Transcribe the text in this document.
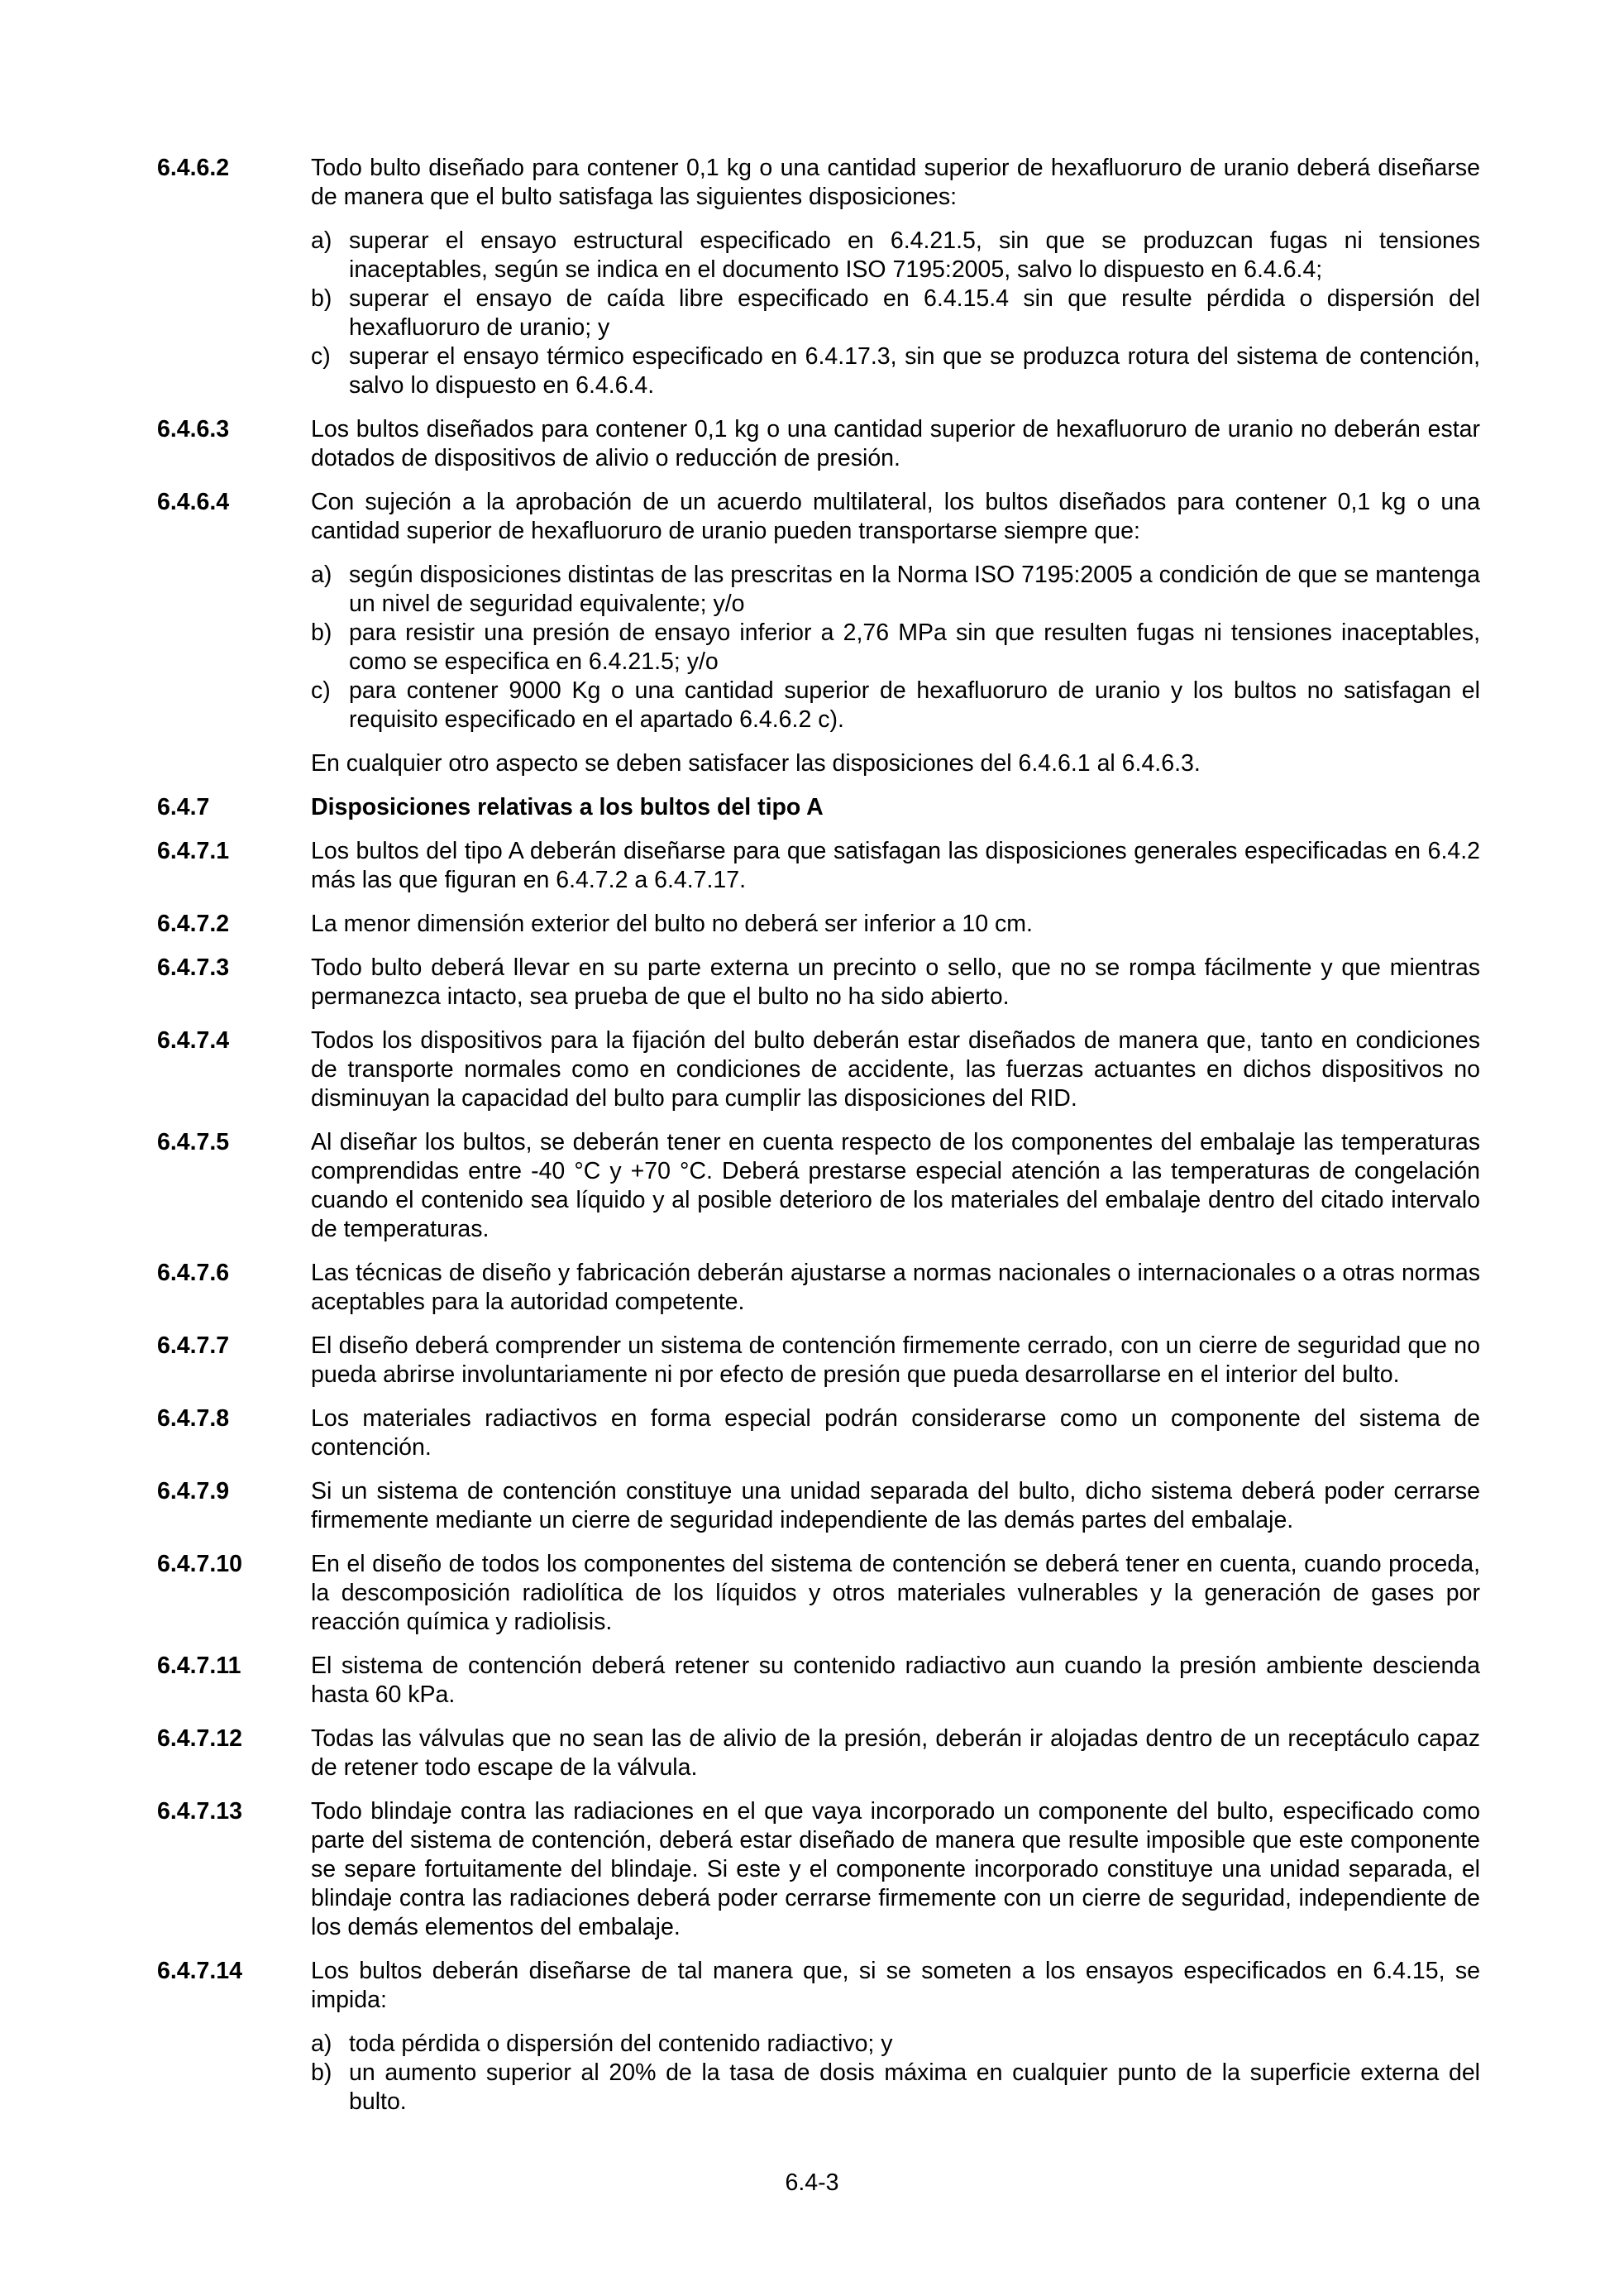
6.4.6.2	Todo bulto diseñado para contener 0,1 kg o una cantidad superior de hexafluoruro de uranio deberá diseñarse de manera que el bulto satisfaga las siguientes disposiciones:

a) superar el ensayo estructural especificado en 6.4.21.5, sin que se produzcan fugas ni tensiones inaceptables, según se indica en el documento ISO 7195:2005, salvo lo dispuesto en 6.4.6.4;
b) superar el ensayo de caída libre especificado en 6.4.15.4 sin que resulte pérdida o dispersión del hexafluoruro de uranio; y
c) superar el ensayo térmico especificado en 6.4.17.3, sin que se produzca rotura del sistema de contención, salvo lo dispuesto en 6.4.6.4.
6.4.6.3	Los bultos diseñados para contener 0,1 kg o una cantidad superior de hexafluoruro de uranio no deberán estar dotados de dispositivos de alivio o reducción de presión.

6.4.6.4	Con sujeción a la aprobación de un acuerdo multilateral, los bultos diseñados para contener 0,1 kg o una cantidad superior de hexafluoruro de uranio pueden transportarse siempre que:

a) según disposiciones distintas de las prescritas en la Norma ISO 7195:2005 a condición de que se mantenga un nivel de seguridad equivalente; y/o
b) para resistir una presión de ensayo inferior a 2,76 MPa sin que resulten fugas ni tensiones inaceptables, como se especifica en 6.4.21.5; y/o
c) para contener 9000 Kg o una cantidad superior de hexafluoruro de uranio y los bultos no satisfagan el requisito especificado en el apartado 6.4.6.2 c).

En cualquier otro aspecto se deben satisfacer las disposiciones del 6.4.6.1 al 6.4.6.3.

6.4.7	Disposiciones relativas a los bultos del tipo A

6.4.7.1	Los bultos del tipo A deberán diseñarse para que satisfagan las disposiciones generales especificadas en 6.4.2 más las que figuran en 6.4.7.2 a 6.4.7.17.

6.4.7.2	La menor dimensión exterior del bulto no deberá ser inferior a 10 cm.

6.4.7.3	Todo bulto deberá llevar en su parte externa un precinto o sello, que no se rompa fácilmente y que mientras permanezca intacto, sea prueba de que el bulto no ha sido abierto.

6.4.7.4	Todos los dispositivos para la fijación del bulto deberán estar diseñados de manera que, tanto en condiciones de transporte normales como en condiciones de accidente, las fuerzas actuantes en dichos dispositivos no disminuyan la capacidad del bulto para cumplir las disposiciones del RID.

6.4.7.5	Al diseñar los bultos, se deberán tener en cuenta respecto de los componentes del embalaje las temperaturas comprendidas entre -40 °C y +70 °C. Deberá prestarse especial atención a las temperaturas de congelación cuando el contenido sea líquido y al posible deterioro de los materiales del embalaje dentro del citado intervalo de temperaturas.

6.4.7.6	Las técnicas de diseño y fabricación deberán ajustarse a normas nacionales o internacionales o a otras normas aceptables para la autoridad competente.

6.4.7.7	El diseño deberá comprender un sistema de contención firmemente cerrado, con un cierre de seguridad que no pueda abrirse involuntariamente ni por efecto de presión que pueda desarrollarse en el interior del bulto.

6.4.7.8	Los materiales radiactivos en forma especial podrán considerarse como un componente del sistema de contención.

6.4.7.9	Si un sistema de contención constituye una unidad separada del bulto, dicho sistema deberá poder cerrarse firmemente mediante un cierre de seguridad independiente de las demás partes del embalaje.

6.4.7.10	En el diseño de todos los componentes del sistema de contención se deberá tener en cuenta, cuando proceda, la descomposición radiolítica de los líquidos y otros materiales vulnerables y la generación de gases por reacción química y radiolisis.

6.4.7.11	El sistema de contención deberá retener su contenido radiactivo aun cuando la presión ambiente descienda hasta 60 kPa.

6.4.7.12	Todas las válvulas que no sean las de alivio de la presión, deberán ir alojadas dentro de un receptáculo capaz de retener todo escape de la válvula.

6.4.7.13	Todo blindaje contra las radiaciones en el que vaya incorporado un componente del bulto, especificado como parte del sistema de contención, deberá estar diseñado de manera que resulte imposible que este componente se separe fortuitamente del blindaje. Si este y el componente incorporado constituye una unidad separada, el blindaje contra las radiaciones deberá poder cerrarse firmemente con un cierre de seguridad, independiente de los demás elementos del embalaje.

6.4.7.14	Los bultos deberán diseñarse de tal manera que, si se someten a los ensayos especificados en 6.4.15, se impida:

a) toda pérdida o dispersión del contenido radiactivo; y
b) un aumento superior al 20% de la tasa de dosis máxima en cualquier punto de la superficie externa del bulto.
6.4-3
